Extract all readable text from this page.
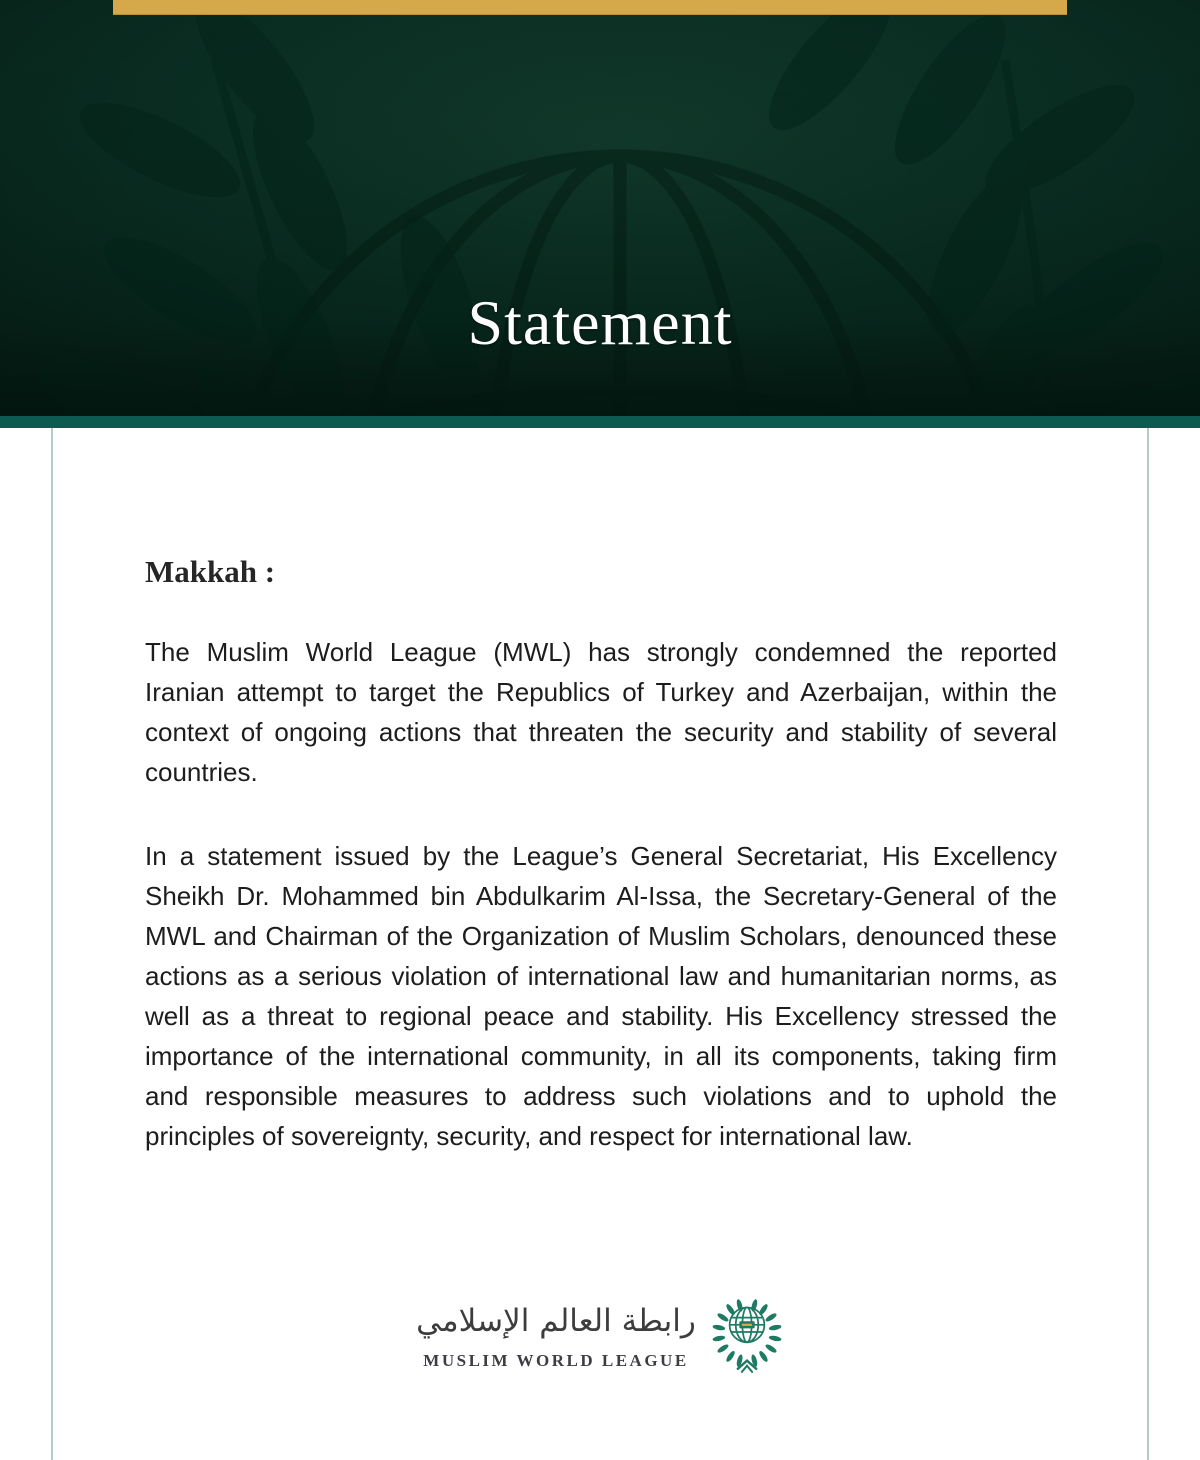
Statement
Makkah :

The Muslim World League (MWL) has strongly condemned the reported Iranian attempt to target the Republics of Turkey and Azerbaijan, within the context of ongoing actions that threaten the security and stability of several countries.

In a statement issued by the League’s General Secretariat, His Excellency Sheikh Dr. Mohammed bin Abdulkarim Al-Issa, the Secretary-General of the MWL and Chairman of the Organization of Muslim Scholars, denounced these actions as a serious violation of international law and humanitarian norms, as well as a threat to regional peace and stability. His Excellency stressed the importance of the international community, in all its components, taking firm and responsible measures to address such violations and to uphold the principles of sovereignty, security, and respect for international law.

رابطة العالم الإسلامي
MUSLIM WORLD LEAGUE
